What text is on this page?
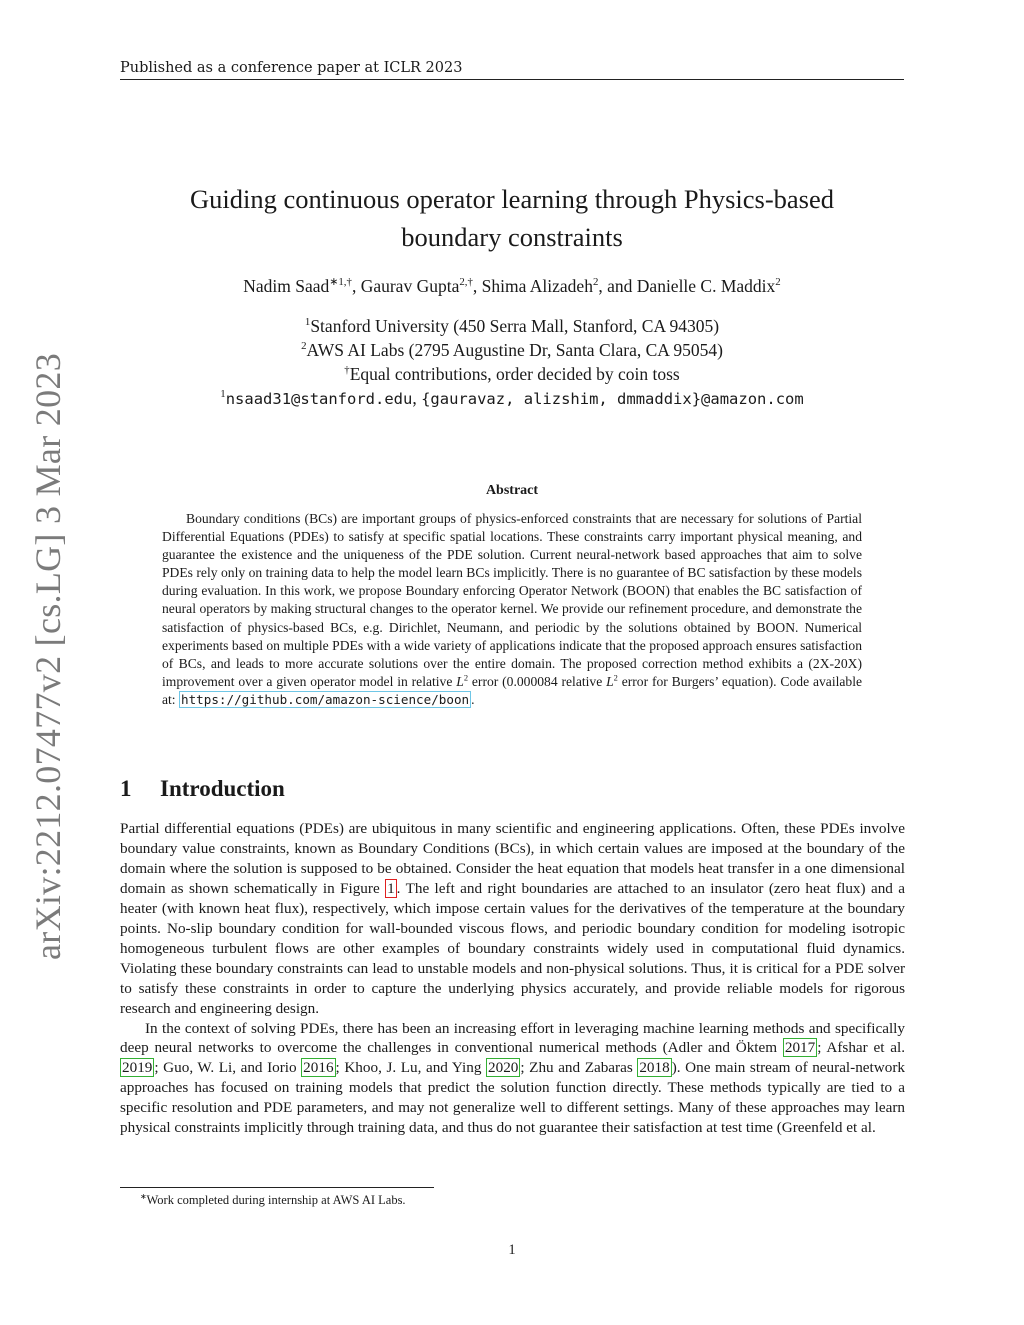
Published as a conference paper at ICLR 2023
arXiv:2212.07477v2 [cs.LG] 3 Mar 2023
Guiding continuous operator learning through Physics-based
boundary constraints
Nadim Saad$^{∗1,\dagger}$, Gaurav Gupta$^{2,\dagger}$, Shima Alizadeh$^2$, and Danielle C. Maddix$^2$
$^1$Stanford University (450 Serra Mall, Stanford, CA 94305)
$^2$AWS AI Labs (2795 Augustine Dr, Santa Clara, CA 95054)
†Equal contributions, order decided by coin toss
$^1$nsaad31@stanford.edu, {gauravaz, alizshim, dmmaddix}@amazon.com
Abstract

Boundary conditions (BCs) are important groups of physics-enforced constraints that are necessary for solutions of Partial Differential Equations (PDEs) to satisfy at specific spatial locations. These constraints carry important physical meaning, and guarantee the existence and the uniqueness of the PDE solution. Current neural-network based approaches that aim to solve PDEs rely only on training data to help the model learn BCs implicitly. There is no guarantee of BC satisfaction by these models during evaluation. In this work, we propose Boundary enforcing Operator Network (BOON) that enables the BC satisfaction of neural operators by making structural changes to the operator kernel. We provide our refinement procedure, and demonstrate the satisfaction of physics-based BCs, e.g. Dirichlet, Neumann, and periodic by the solutions obtained by BOON. Numerical experiments based on multiple PDEs with a wide variety of applications indicate that the proposed approach ensures satisfaction of BCs, and leads to more accurate solutions over the entire domain. The proposed correction method exhibits a (2X-20X) improvement over a given operator model in relative $L^2$ error (0.000084 relative $L^2$ error for Burgers’ equation). Code available at: https://github.com/amazon-science/boon .

1 Introduction

Partial differential equations (PDEs) are ubiquitous in many scientific and engineering applications. Often, these PDEs involve boundary value constraints, known as Boundary Conditions (BCs), in which certain values are imposed at the boundary of the domain where the solution is supposed to be obtained. Consider the heat equation that models heat transfer in a one dimensional domain as shown schematically in Figure 1 . The left and right boundaries are attached to an insulator (zero heat flux) and a heater (with known heat flux), respectively, which impose certain values for the derivatives of the temperature at the boundary points. No-slip boundary condition for wall-bounded viscous flows, and periodic boundary condition for modeling isotropic homogeneous turbulent flows are other examples of boundary constraints widely used in computational fluid dynamics. Violating these boundary constraints can lead to unstable models and non-physical solutions. Thus, it is critical for a PDE solver to satisfy these constraints in order to capture the underlying physics accurately, and provide reliable models for rigorous research and engineering design.

In the context of solving PDEs, there has been an increasing effort in leveraging machine learning methods and specifically deep neural networks to overcome the challenges in conventional numerical methods (Adler and Öktem 2017 ; Afshar et al. 2019 ; Guo, W. Li, and Iorio 2016 ; Khoo, J. Lu, and Ying 2020 ; Zhu and Zabaras 2018 ). One main stream of neural-network approaches has focused on training models that predict the solution function directly. These methods typically are tied to a specific resolution and PDE parameters, and may not generalize well to different settings. Many of these approaches may learn physical constraints implicitly through training data, and thus do not guarantee their satisfaction at test time (Greenfeld et al.

∗Work completed during internship at AWS AI Labs.
1
